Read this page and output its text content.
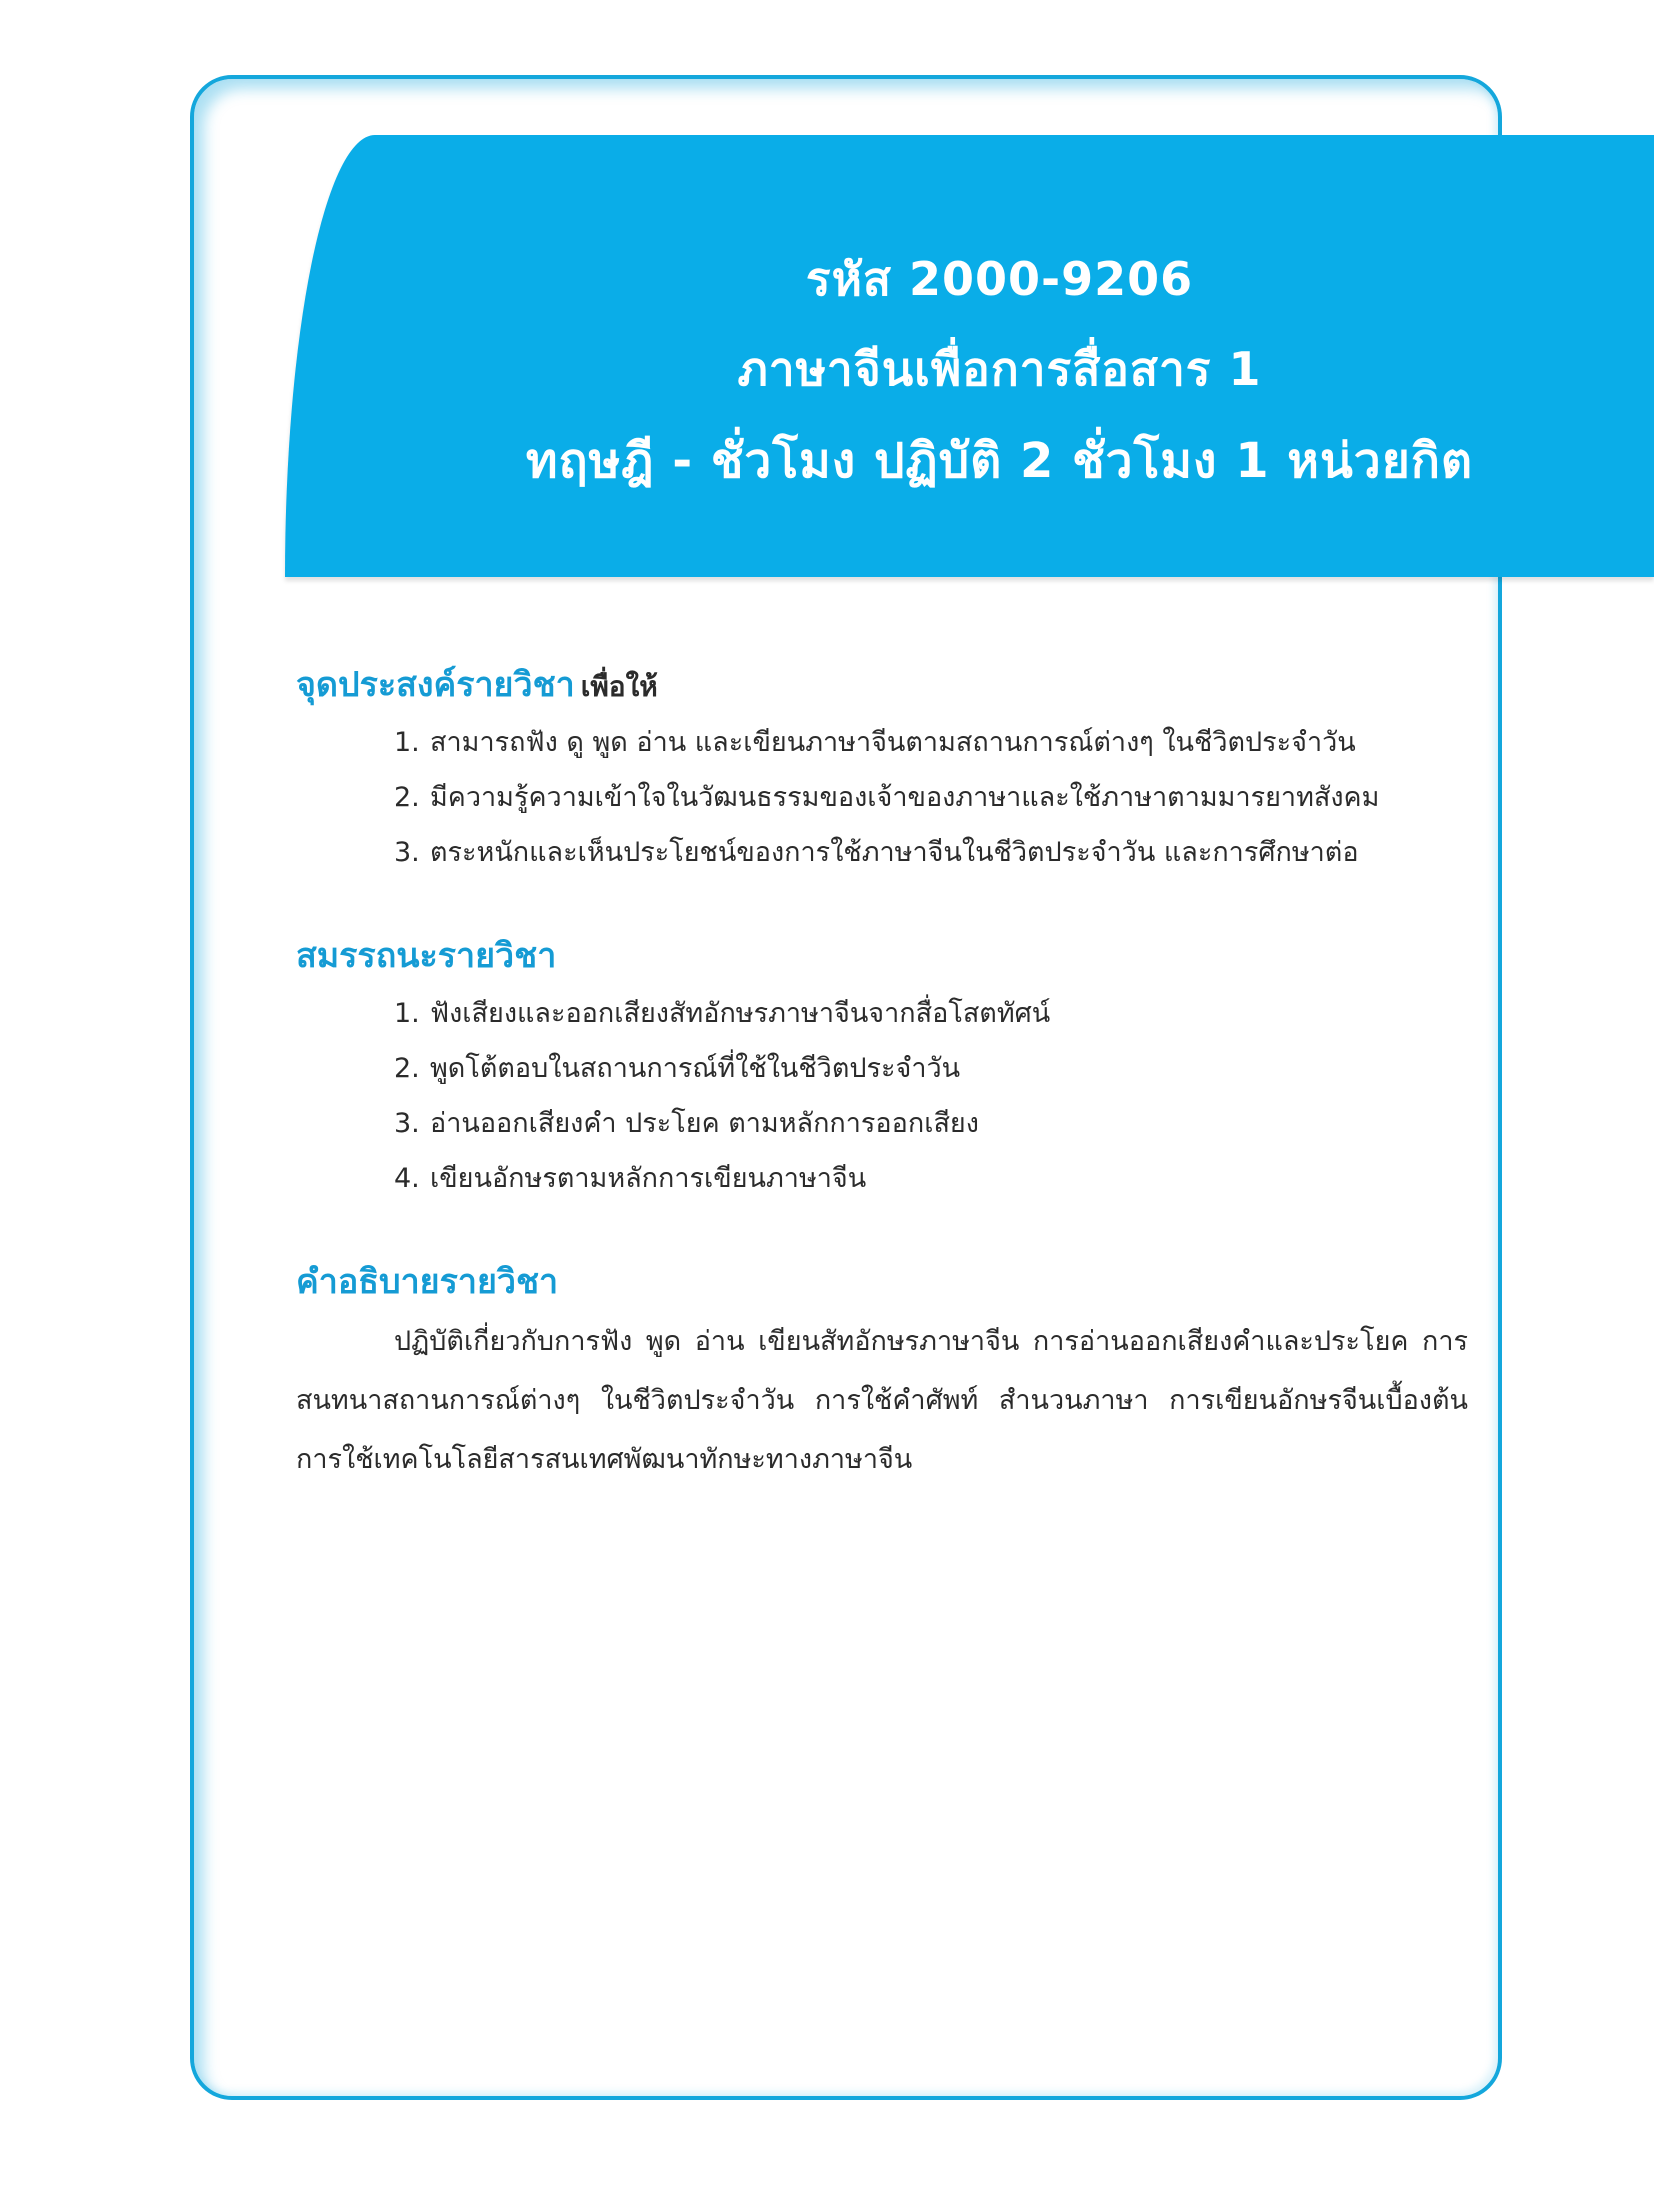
รหัส 2000-9206
ภาษาจีนเพื่อการสื่อสาร 1
ทฤษฎี - ชั่วโมง ปฏิบัติ 2 ชั่วโมง 1 หน่วยกิต
จุดประสงค์รายวิชา เพื่อให้
1. สามารถฟัง ดู พูด อ่าน และเขียนภาษาจีนตามสถานการณ์ต่างๆ ในชีวิตประจำวัน
2. มีความรู้ความเข้าใจในวัฒนธรรมของเจ้าของภาษาและใช้ภาษาตามมารยาทสังคม
3. ตระหนักและเห็นประโยชน์ของการใช้ภาษาจีนในชีวิตประจำวัน และการศึกษาต่อ
สมรรถนะรายวิชา
1. ฟังเสียงและออกเสียงสัทอักษรภาษาจีนจากสื่อโสตทัศน์
2. พูดโต้ตอบในสถานการณ์ที่ใช้ในชีวิตประจำวัน
3. อ่านออกเสียงคำ ประโยค ตามหลักการออกเสียง
4. เขียนอักษรตามหลักการเขียนภาษาจีน
คำอธิบายรายวิชา

ปฏิบัติเกี่ยวกับการฟัง พูด อ่าน เขียนสัทอักษรภาษาจีน การอ่านออกเสียงคำและประโยค การสนทนาสถานการณ์ต่างๆ ในชีวิตประจำวัน การใช้คำศัพท์ สำนวนภาษา การเขียนอักษรจีนเบื้องต้น การใช้เทคโนโลยีสารสนเทศพัฒนาทักษะทางภาษาจีน
